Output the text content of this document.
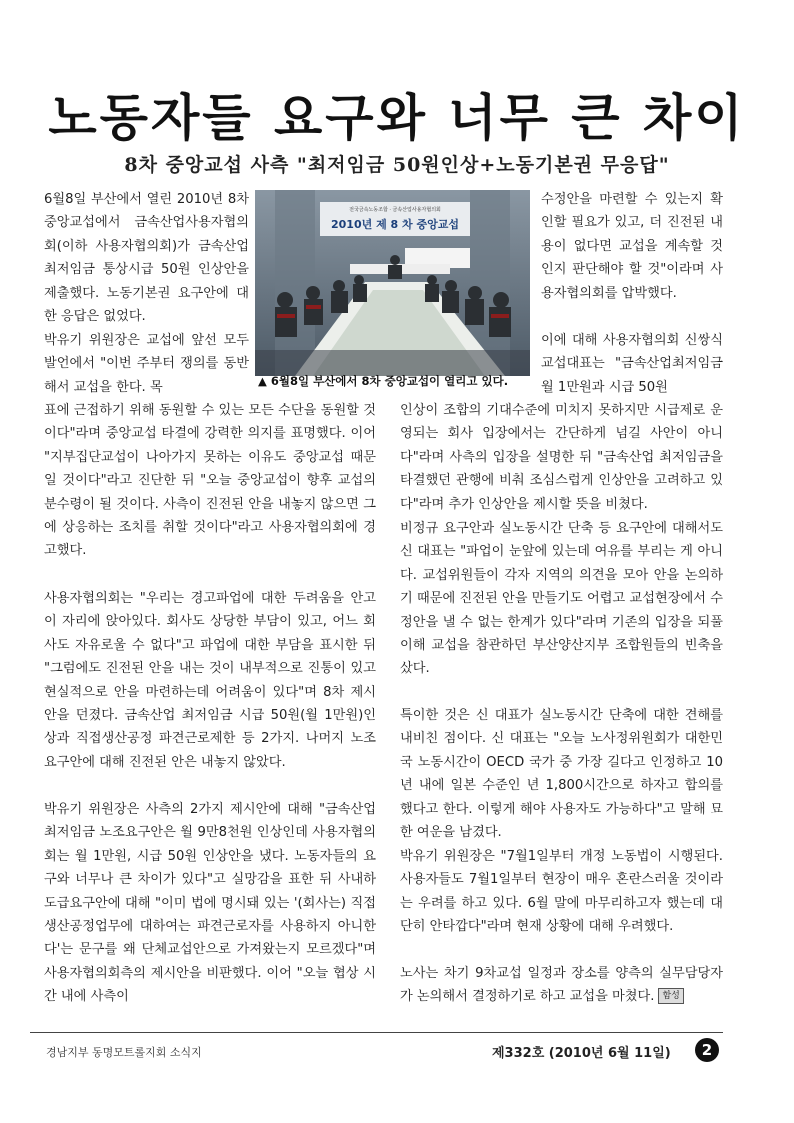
노동자들 요구와 너무 큰 차이
8차 중앙교섭 사측 "최저임금 50원인상+노동기본권 무응답"

6월8일 부산에서 열린 2010년 8차 중앙교섭에서 금속산업사용자협의회(이하 사용자협의회)가 금속산업최저임금 통상시급 50원 인상안을 제출했다. 노동기본권 요구안에 대한 응답은 없었다.

박유기 위원장은 교섭에 앞선 모두 발언에서 "이번 주부터 쟁의를 동반해서 교섭을 한다. 목

표에 근접하기 위해 동원할 수 있는 모든 수단을 동원할 것이다"라며 중앙교섭 타결에 강력한 의지를 표명했다. 이어 "지부집단교섭이 나아가지 못하는 이유도 중앙교섭 때문일 것이다"라고 진단한 뒤 "오늘 중앙교섭이 향후 교섭의 분수령이 될 것이다. 사측이 진전된 안을 내놓지 않으면 그에 상응하는 조치를 취할 것이다"라고 사용자협의회에 경고했다.

사용자협의회는 "우리는 경고파업에 대한 두려움을 안고 이 자리에 앉아있다. 회사도 상당한 부담이 있고, 어느 회사도 자유로울 수 없다"고 파업에 대한 부담을 표시한 뒤 "그럼에도 진전된 안을 내는 것이 내부적으로 진통이 있고 현실적으로 안을 마련하는데 어려움이 있다"며 8차 제시안을 던졌다. 금속산업 최저임금 시급 50원(월 1만원)인상과 직접생산공정 파견근로제한 등 2가지. 나머지 노조 요구안에 대해 진전된 안은 내놓지 않았다.

박유기 위원장은 사측의 2가지 제시안에 대해 "금속산업최저임금 노조요구안은 월 9만8천원 인상인데 사용자협의회는 월 1만원, 시급 50원 인상안을 냈다. 노동자들의 요구와 너무나 큰 차이가 있다"고 실망감을 표한 뒤 사내하도급요구안에 대해 "이미 법에 명시돼 있는 '(회사는) 직접생산공정업무에 대하여는 파견근로자를 사용하지 아니한다'는 문구를 왜 단체교섭안으로 가져왔는지 모르겠다"며 사용자협의회측의 제시안을 비판했다. 이어 "오늘 협상 시간 내에 사측이

전국금속노동조합 · 금속산업사용자협의회
2010년 제 8 차 중앙교섭
▲ 6월8일 부산에서 8차 중앙교섭이 열리고 있다.

수정안을 마련할 수 있는지 확인할 필요가 있고, 더 진전된 내용이 없다면 교섭을 계속할 것인지 판단해야 할 것"이라며 사용자협의회를 압박했다.

이에 대해 사용자협의회 신쌍식 교섭대표는 "금속산업최저임금 월 1만원과 시급 50원

인상이 조합의 기대수준에 미치지 못하지만 시급제로 운영되는 회사 입장에서는 간단하게 넘길 사안이 아니다"라며 사측의 입장을 설명한 뒤 "금속산업 최저임금을 타결했던 관행에 비춰 조심스럽게 인상안을 고려하고 있다"라며 추가 인상안을 제시할 뜻을 비쳤다.

비정규 요구안과 실노동시간 단축 등 요구안에 대해서도 신 대표는 "파업이 눈앞에 있는데 여유를 부리는 게 아니다. 교섭위원들이 각자 지역의 의견을 모아 안을 논의하기 때문에 진전된 안을 만들기도 어렵고 교섭현장에서 수정안을 낼 수 없는 한계가 있다"라며 기존의 입장을 되풀이해 교섭을 참관하던 부산양산지부 조합원들의 빈축을 샀다.

특이한 것은 신 대표가 실노동시간 단축에 대한 견해를 내비친 점이다. 신 대표는 "오늘 노사정위원회가 대한민국 노동시간이 OECD 국가 중 가장 길다고 인정하고 10년 내에 일본 수준인 년 1,800시간으로 하자고 합의를 했다고 한다. 이렇게 해야 사용자도 가능하다"고 말해 묘한 여운을 남겼다.

박유기 위원장은 "7월1일부터 개정 노동법이 시행된다. 사용자들도 7월1일부터 현장이 매우 혼란스러울 것이라는 우려를 하고 있다. 6월 말에 마무리하고자 했는데 대단히 안타깝다"라며 현재 상황에 대해 우려했다.

노사는 차기 9차교섭 일정과 장소를 양측의 실무담당자가 논의해서 결정하기로 하고 교섭을 마쳤다. 함성

경남지부 동명모트롤지회 소식지	제332호 (2010년 6월 11일)	2
